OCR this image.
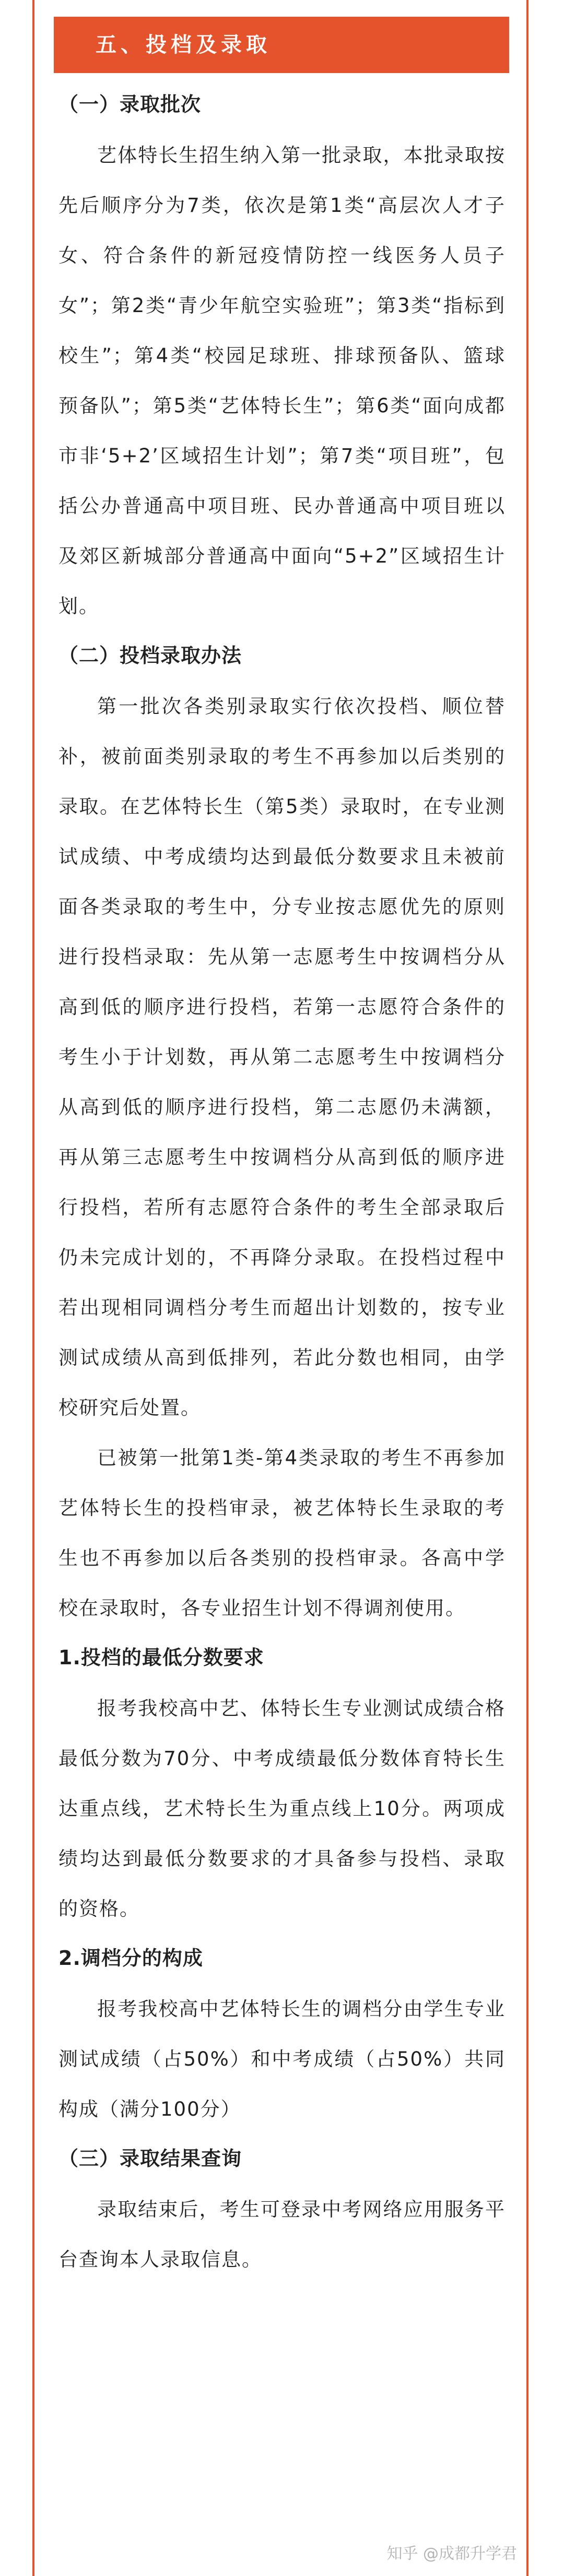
五、投档及录取
（一）录取批次

艺体特长生招生纳入第一批录取，本批录取按先后顺序分为7类，依次是第1类“高层次人才子女、符合条件的新冠疫情防控一线医务人员子女”；第2类“青少年航空实验班”；第3类“指标到校生”；第4类“校园足球班、排球预备队、篮球 预备队”；第5类“艺体特长生”；第6类“面向成都市非‘5+2’区域招生计划”；第7类“项目班”，包括公办普通高中项目班、民办普通高中项目班以及郊区新城部分普通高中面向“5+2”区域招生计划。

（二）投档录取办法

第一批次各类别录取实行依次投档、顺位替补，被前面类别录取的考生不再参加以后类别的录取。在艺体特长生（第5类）录取时，在专业测试成绩、中考成绩均达到最低分数要求且未被前面各类录取的考生中，分专业按志愿优先的原则进行投档录取：先从第一志愿考生中按调档分从高到低的顺序进行投档，若第一志愿符合条件的考生小于计划数，再从第二志愿考生中按调档分从高到低的顺序进行投档，第二志愿仍未满额，再从第三志愿考生中按调档分从高到低的顺序进行投档，若所有志愿符合条件的考生全部录取后仍未完成计划的，不再降分录取。在投档过程中若出现相同调档分考生而超出计划数的，按专业测试成绩从高到低排列，若此分数也相同，由学校研究后处置。

已被第一批第1类-第4类录取的考生不再参加艺体特长生的投档审录，被艺体特长生录取的考生也不再参加以后各类别的投档审录。各高中学校在录取时，各专业招生计划不得调剂使用。

1.投档的最低分数要求

报考我校高中艺、体特长生专业测试成绩合格最低分数为70分、中考成绩最低分数体育特长生达重点线，艺术特长生为重点线上10分。两项成绩均达到最低分数要求的才具备参与投档、录取的资格。

2.调档分的构成

报考我校高中艺体特长生的调档分由学生专业测试成绩（占50%）和中考成绩（占50%）共同构成（满分100分）

（三）录取结果查询

录取结束后，考生可登录中考网络应用服务平台查询本人录取信息。

知乎 @成都升学君
